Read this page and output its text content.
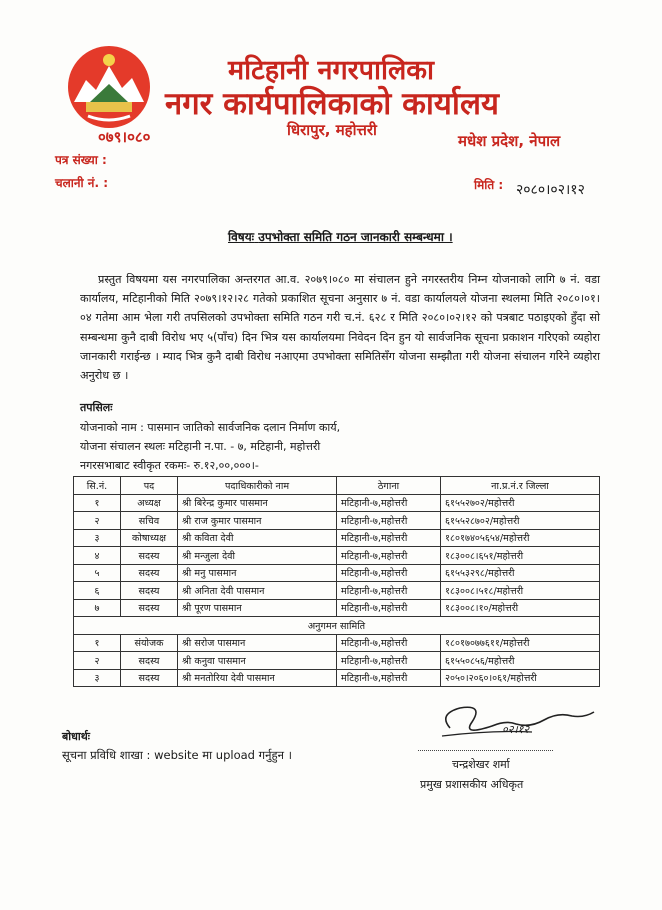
मटिहानी नगरपालिका
नगर कार्यपालिकाको कार्यालय
०७९।०८०	धिरापुर, महोत्तरी
मधेश प्रदेश, नेपाल
पत्र संख्या :
चलानी नं. :	मिति : २०८०।०२।१२
विषयः उपभोक्ता समिति गठन जानकारी सम्बन्धमा ।
प्रस्तुत विषयमा यस नगरपालिका अन्तरगत आ.व. २०७९।०८० मा संचालन हुने नगरस्तरीय निम्न योजनाको लागि ७ नं. वडा कार्यालय, मटिहानीको मिति २०७९।१२।२८ गतेको प्रकाशित सूचना अनुसार ७ नं. वडा कार्यालयले योजना स्थलमा मिति २०८०।०१।०४ गतेमा आम भेला गरी तपसिलको उपभोक्ता समिति गठन गरी च.नं. ६२८ र मिति २०८०।०२।१२ को पत्रबाट पठाइएको हुँदा सो सम्बन्धमा कुनै दाबी विरोध भए ५(पाँच) दिन भित्र यस कार्यालयमा निवेदन दिन हुन यो सार्वजनिक सूचना प्रकाशन गरिएको व्यहोरा जानकारी गराईन्छ । म्याद भित्र कुनै दाबी विरोध नआएमा उपभोक्ता समितिसँग योजना सम्झौता गरी योजना संचालन गरिने व्यहोरा अनुरोध छ ।
तपसिलः
योजनाको नाम : पासमान जातिको सार्वजनिक दलान निर्माण कार्य,
योजना संचालन स्थलः मटिहानी न.पा. - ७, मटिहानी, महोत्तरी
नगरसभाबाट स्वीकृत रकमः- रु.१२,००,०००।-
सि.नं.	पद	पदाधिकारीको नाम	ठेगाना	ना.प्र.नं.र जिल्ला
१	अध्यक्ष	श्री बिरेन्द्र कुमार पासमान	मटिहानी-७,महोत्तरी	६१५५२७०२/महोत्तरी
२	सचिव	श्री राज कुमार पासमान	मटिहानी-७,महोत्तरी	६१५५२८७०२/महोत्तरी
३	कोषाध्यक्ष	श्री कविता देवी	मटिहानी-७,महोत्तरी	१८०१७४०५६५४/महोत्तरी
४	सदस्य	श्री मन्जुला देवी	मटिहानी-७,महोत्तरी	१८३००८।६५१/महोत्तरी
५	सदस्य	श्री मनु पासमान	मटिहानी-७,महोत्तरी	६१५५३२९८/महोत्तरी
६	सदस्य	श्री अनिता देवी पासमान	मटिहानी-७,महोत्तरी	१८३००८।५१८/महोत्तरी
७	सदस्य	श्री पूरण पासमान	मटिहानी-७,महोत्तरी	१८३००८।१०/महोत्तरी
अनुगमन सामिति				
१	संयोजक	श्री सरोज पासमान	मटिहानी-७,महोत्तरी	१८०१७०७७६११/महोत्तरी
२	सदस्य	श्री कनुवा पासमान	मटिहानी-७,महोत्तरी	६१५५०८५६/महोत्तरी
३	सदस्य	श्री मनतोरिया देवी पासमान	मटिहानी-७,महोत्तरी	२०५०।२०६०।०६१/महोत्तरी
बोधार्थः
सूचना प्रविधि शाखा : website मा upload गर्नुहुन ।
०२।१२
चन्द्रशेखर शर्मा
प्रमुख प्रशासकीय अधिकृत
